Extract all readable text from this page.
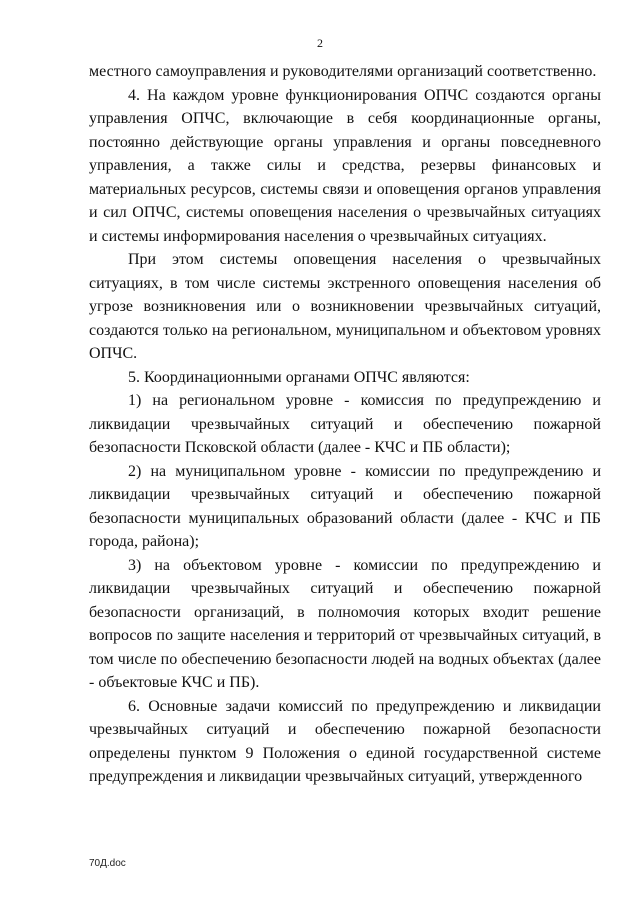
2

местного самоуправления и руководителями организаций соответственно.

4. На каждом уровне функционирования ОПЧС создаются органы управления ОПЧС, включающие в себя координационные органы, постоянно действующие органы управления и органы повседневного управления, а также силы и средства, резервы финансовых и материальных ресурсов, системы связи и оповещения органов управления и сил ОПЧС, системы оповещения населения о чрезвычайных ситуациях и системы информирования населения о чрезвычайных ситуациях.

При этом системы оповещения населения о чрезвычайных ситуациях, в том числе системы экстренного оповещения населения об угрозе возникновения или о возникновении чрезвычайных ситуаций, создаются только на региональном, муниципальном и объектовом уровнях ОПЧС.

5. Координационными органами ОПЧС являются:

1) на региональном уровне - комиссия по предупреждению и ликвидации чрезвычайных ситуаций и обеспечению пожарной безопасности Псковской области (далее - КЧС и ПБ области);

2) на муниципальном уровне - комиссии по предупреждению и ликвидации чрезвычайных ситуаций и обеспечению пожарной безопасности муниципальных образований области (далее - КЧС и ПБ города, района);

3) на объектовом уровне - комиссии по предупреждению и ликвидации чрезвычайных ситуаций и обеспечению пожарной безопасности организаций, в полномочия которых входит решение вопросов по защите населения и территорий от чрезвычайных ситуаций, в том числе по обеспечению безопасности людей на водных объектах (далее - объектовые КЧС и ПБ).

6. Основные задачи комиссий по предупреждению и ликвидации чрезвычайных ситуаций и обеспечению пожарной безопасности определены пунктом 9 Положения о единой государственной системе предупреждения и ликвидации чрезвычайных ситуаций, утвержденного

70Д.doc
